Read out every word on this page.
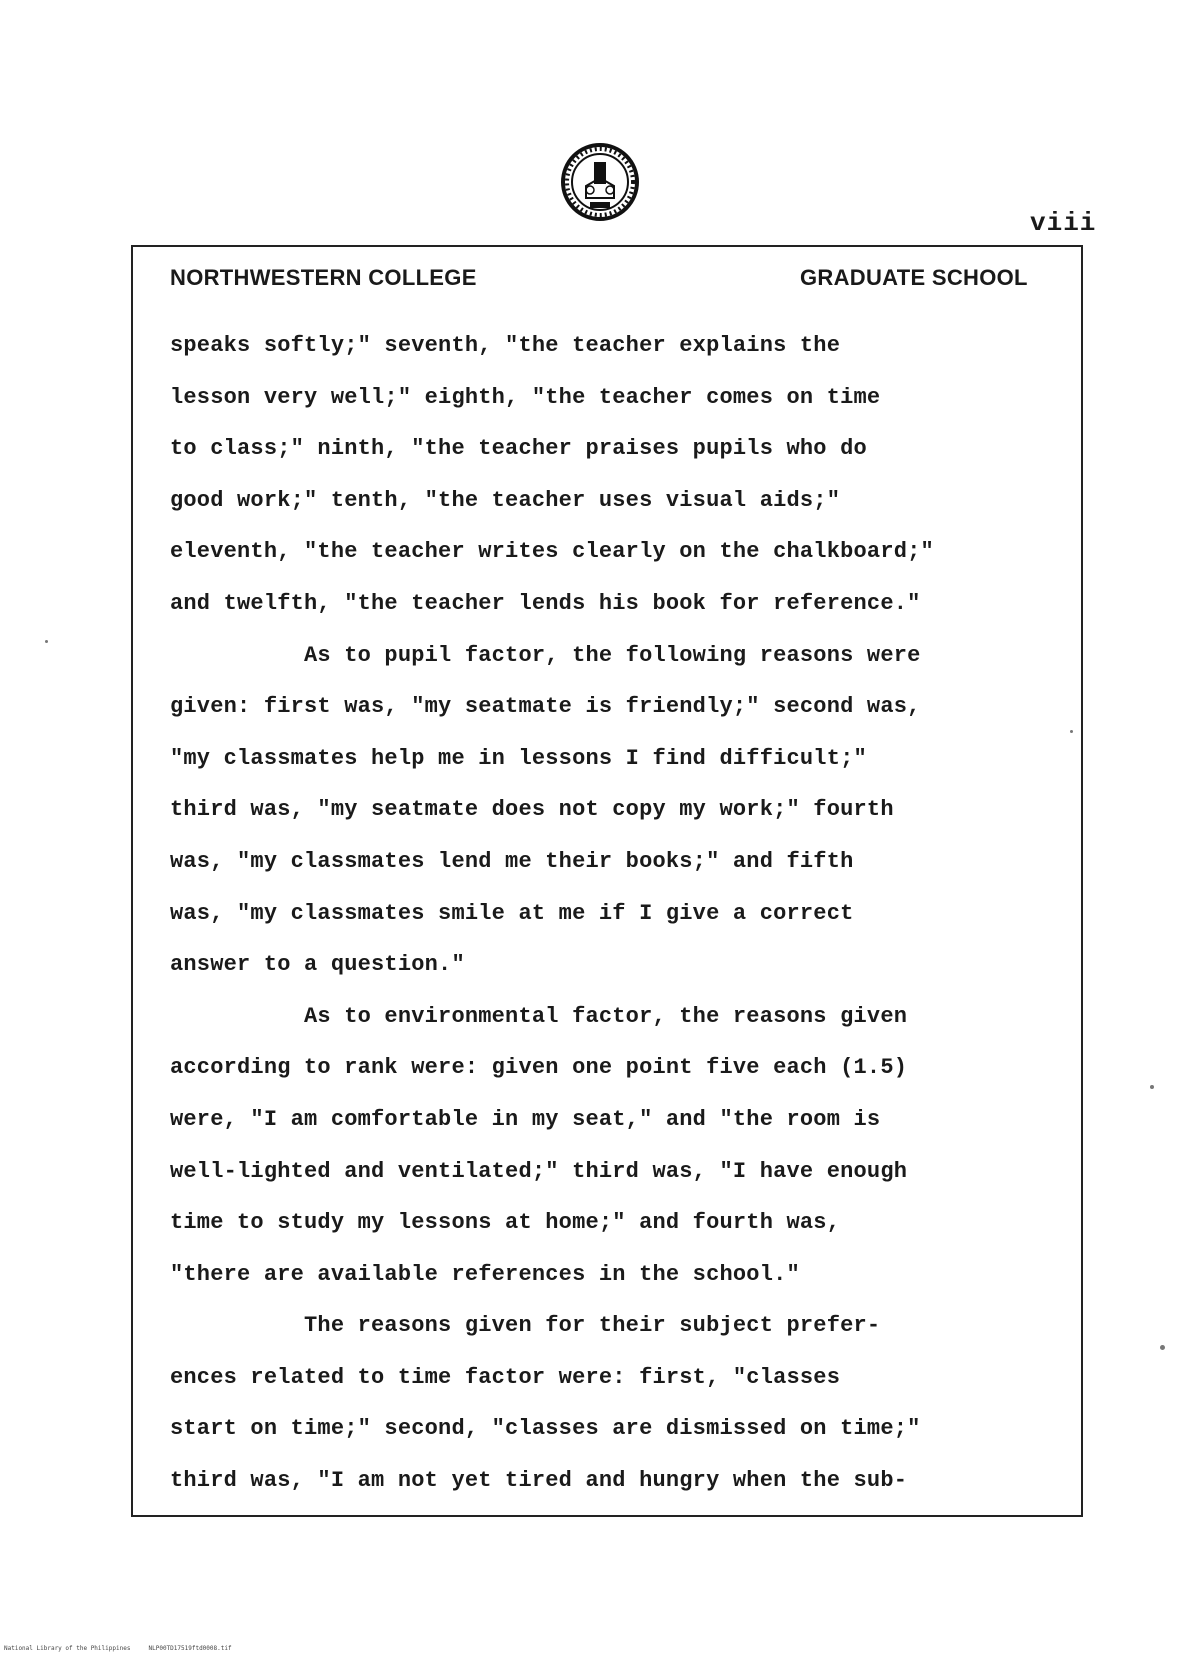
viii
NORTHWESTERN COLLEGE	GRADUATE SCHOOL
speaks softly;" seventh, "the teacher explains the
lesson very well;" eighth, "the teacher comes on time
to class;" ninth, "the teacher praises pupils who do
good work;" tenth, "the teacher uses visual aids;"
eleventh, "the teacher writes clearly on the chalkboard;"
and twelfth, "the teacher lends his book for reference."
As to pupil factor, the following reasons were
given: first was, "my seatmate is friendly;" second was,
"my classmates help me in lessons I find difficult;"
third was, "my seatmate does not copy my work;" fourth
was, "my classmates lend me their books;" and fifth
was, "my classmates smile at me if I give a correct
answer to a question."
As to environmental factor, the reasons given
according to rank were: given one point five each (1.5)
were, "I am comfortable in my seat," and "the room is
well-lighted and ventilated;" third was, "I have enough
time to study my lessons at home;" and fourth was,
"there are available references in the school."
The reasons given for their subject prefer-
ences related to time factor were: first, "classes
start on time;" second, "classes are dismissed on time;"
third was, "I am not yet tired and hungry when the sub-
National Library of the Philippines     NLP00TD17519ftd0008.tif
